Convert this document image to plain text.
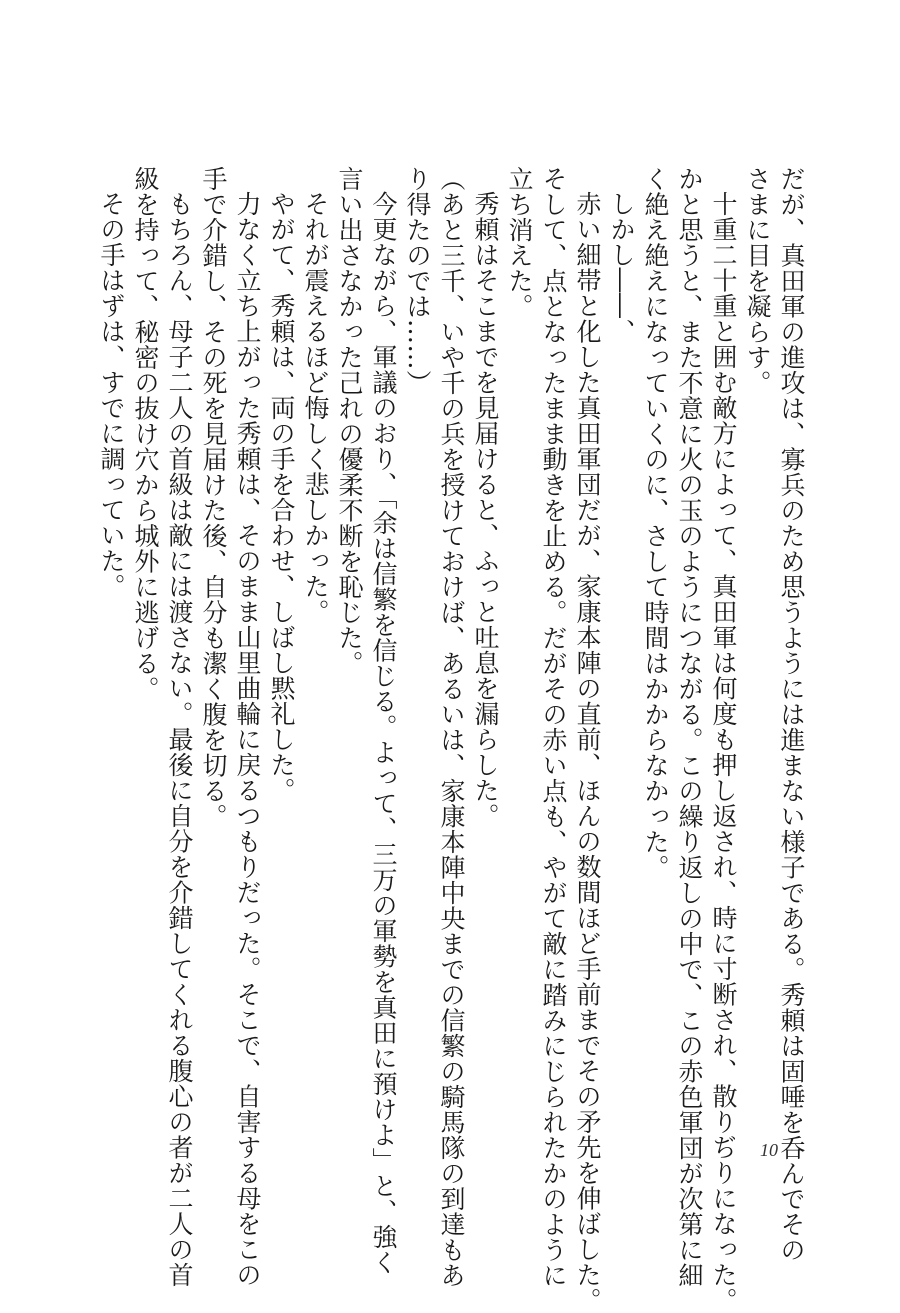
だが、真田軍の進攻は、寡兵のため思うようには進まない様子である。秀頼は固唾を呑んでその
さまに目を凝らす。
十重二十重と囲む敵方によって、真田軍は何度も押し返され、時に寸断され、散りぢりになった。
かと思うと、また不意に火の玉のようにつながる。この繰り返しの中で、この赤色軍団が次第に細
く絶え絶えになっていくのに、さして時間はかからなかった。
しかし――、
赤い細帯と化した真田軍団だが、家康本陣の直前、ほんの数間ほど手前までその矛先を伸ばした。
そして、点となったまま動きを止める。だがその赤い点も、やがて敵に踏みにじられたかのように
立ち消えた。
秀頼はそこまでを見届けると、ふっと吐息を漏らした。
（あと三千、いや千の兵を授けておけば、あるいは、家康本陣中央までの信繁の騎馬隊の到達もあ
り得たのでは……）
今更ながら、軍議のおり、「余は信繁を信じる。よって、三万の軍勢を真田に預けよ」と、強く
言い出さなかった己れの優柔不断を恥じた。
それが震えるほど悔しく悲しかった。
やがて、秀頼は、両の手を合わせ、しばし黙礼した。
力なく立ち上がった秀頼は、そのまま山里曲輪に戻るつもりだった。そこで、自害する母をこの
手で介錯し、その死を見届けた後、自分も潔く腹を切る。
もちろん、母子二人の首級は敵には渡さない。最後に自分を介錯してくれる腹心の者が二人の首
級を持って、秘密の抜け穴から城外に逃げる。
その手はずは、すでに調っていた。
10
